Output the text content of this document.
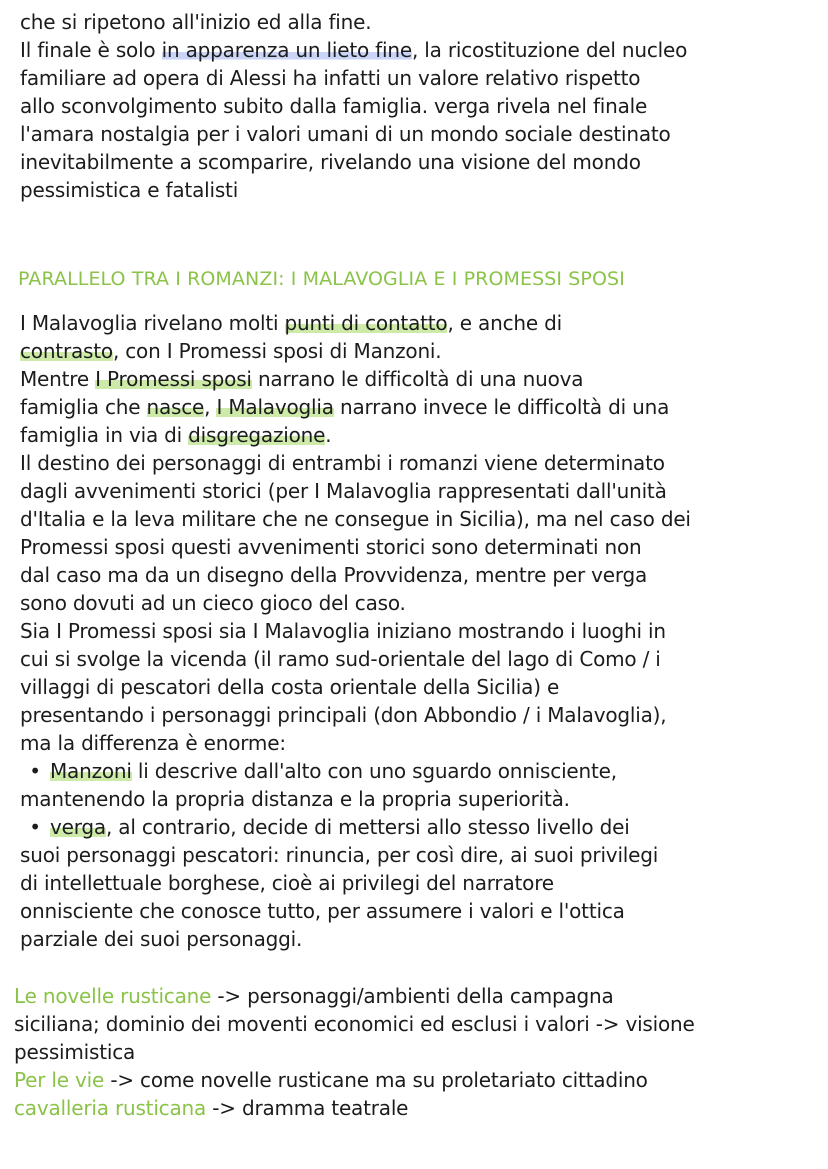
che si ripetono all'inizio ed alla fine.
Il finale è solo in apparenza un lieto fine, la ricostituzione del nucleo
familiare ad opera di Alessi ha infatti un valore relativo rispetto
allo sconvolgimento subito dalla famiglia. verga rivela nel finale
l'amara nostalgia per i valori umani di un mondo sociale destinato
inevitabilmente a scomparire, rivelando una visione del mondo
pessimistica e fatalisti
PARALLELO TRA I ROMANZI: I MALAVOGLIA E I PROMESSI SPOSI
I Malavoglia rivelano molti punti di contatto, e anche di
contrasto, con I Promessi sposi di Manzoni.
Mentre I Promessi sposi narrano le difficoltà di una nuova
famiglia che nasce, I Malavoglia narrano invece le difficoltà di una
famiglia in via di disgregazione.
Il destino dei personaggi di entrambi i romanzi viene determinato
dagli avvenimenti storici (per I Malavoglia rappresentati dall'unità
d'Italia e la leva militare che ne consegue in Sicilia), ma nel caso dei
Promessi sposi questi avvenimenti storici sono determinati non
dal caso ma da un disegno della Provvidenza, mentre per verga
sono dovuti ad un cieco gioco del caso.
Sia I Promessi sposi sia I Malavoglia iniziano mostrando i luoghi in
cui si svolge la vicenda (il ramo sud-orientale del lago di Como / i
villaggi di pescatori della costa orientale della Sicilia) e
presentando i personaggi principali (don Abbondio / i Malavoglia),
ma la differenza è enorme:
• Manzoni li descrive dall'alto con uno sguardo onnisciente,
mantenendo la propria distanza e la propria superiorità.
• verga, al contrario, decide di mettersi allo stesso livello dei
suoi personaggi pescatori: rinuncia, per così dire, ai suoi privilegi
di intellettuale borghese, cioè ai privilegi del narratore
onnisciente che conosce tutto, per assumere i valori e l'ottica
parziale dei suoi personaggi.
Le novelle rusticane -> personaggi/ambienti della campagna
siciliana; dominio dei moventi economici ed esclusi i valori -> visione
pessimistica
Per le vie -> come novelle rusticane ma su proletariato cittadino
cavalleria rusticana -> dramma teatrale
